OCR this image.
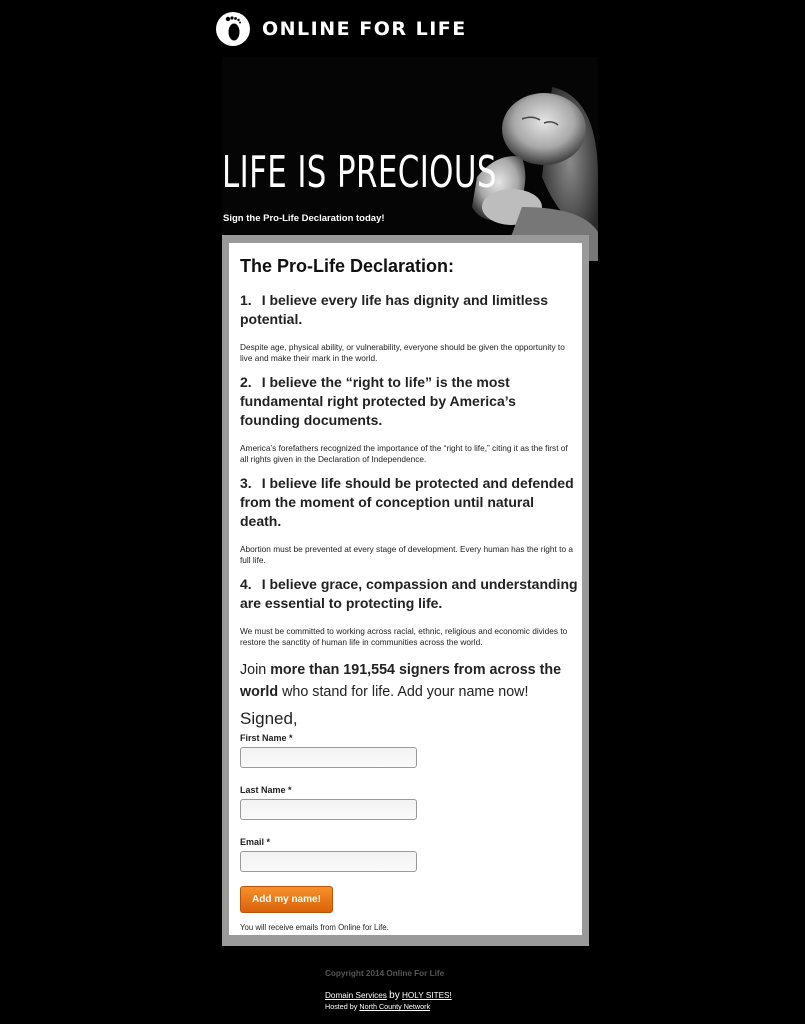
ONLINE FOR LIFE
LIFE IS PRECIOUS
Sign the Pro-Life Declaration today!
The Pro-Life Declaration:
1. I believe every life has dignity and limitless potential.
Despite age, physical ability, or vulnerability, everyone should be given the opportunity to live and make their mark in the world.
2. I believe the “right to life” is the most fundamental right protected by America’s founding documents.
America’s forefathers recognized the importance of the “right to life,” citing it as the first of all rights given in the Declaration of Independence.
3. I believe life should be protected and defended from the moment of conception until natural death.
Abortion must be prevented at every stage of development. Every human has the right to a full life.
4. I believe grace, compassion and understanding are essential to protecting life.
We must be committed to working across racial, ethnic, religious and economic divides to restore the sanctity of human life in communities across the world.
Join more than 191,554 signers from across the world who stand for life. Add your name now!
Signed,
First Name *
Last Name *
Email *
Add my name!
You will receive emails from Online for Life.
Copyright 2014 Online For Life
Domain Services by HOLY SITES!
Hosted by North County Network
